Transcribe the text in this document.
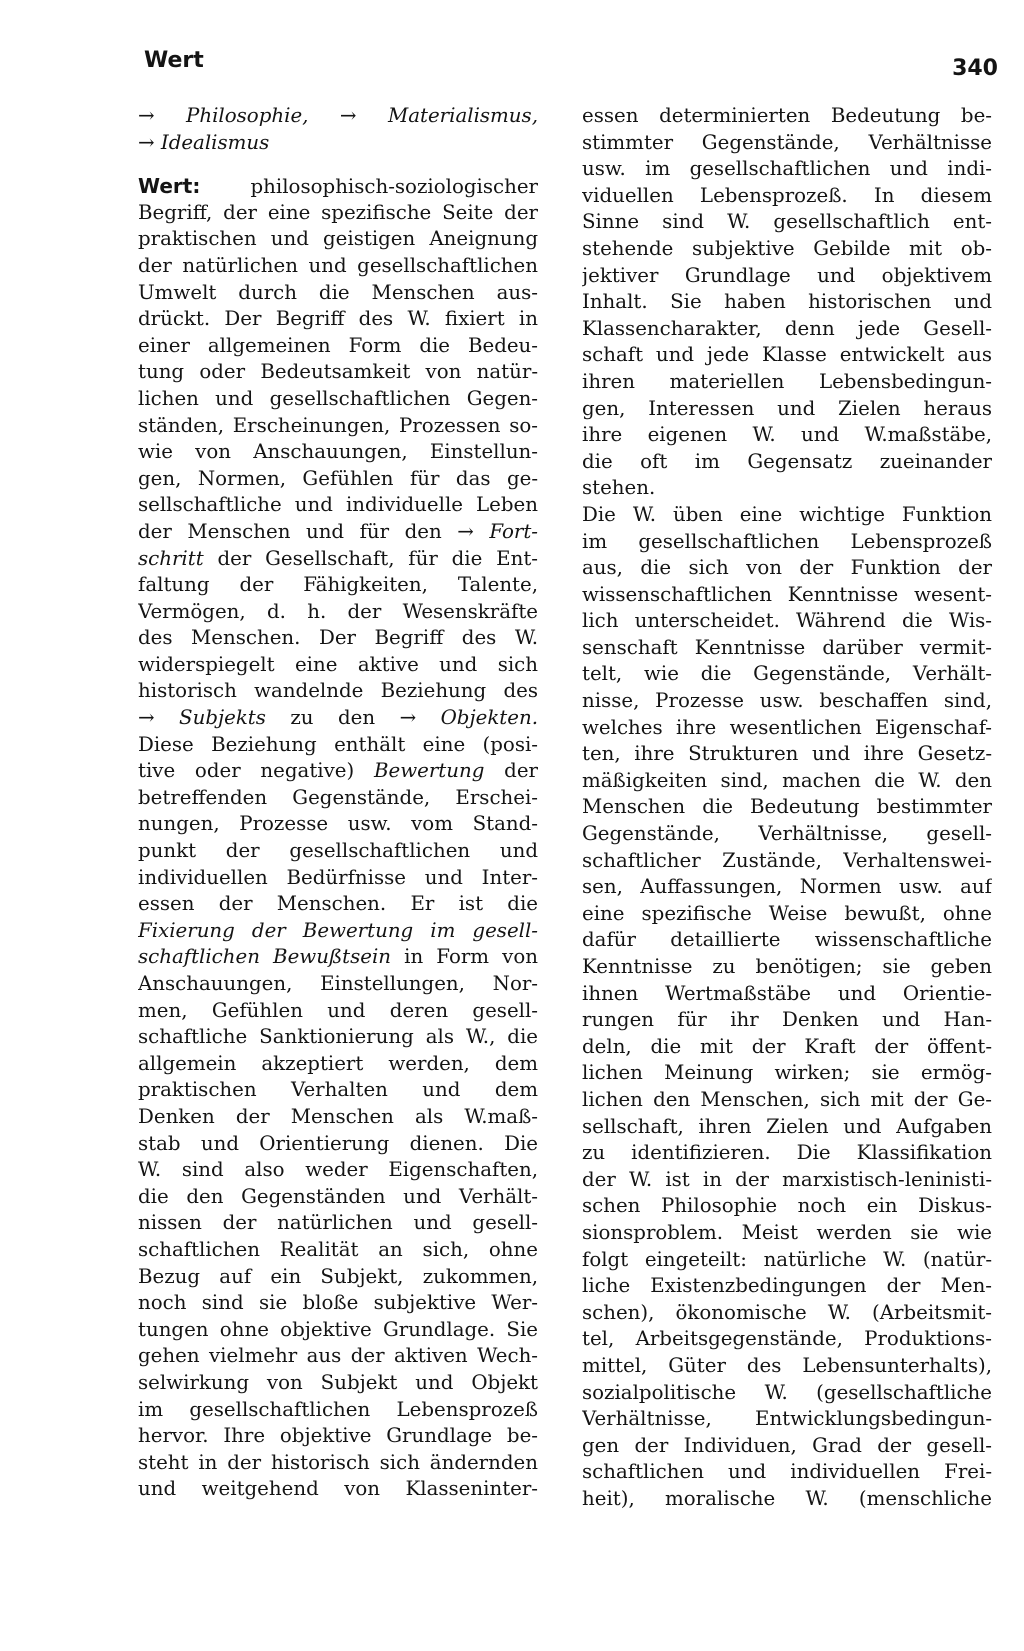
Wert	340
→ Philosophie, → Materialismus,
→ Idealismus
Wert:	philosophisch-soziologischer
Begriff, der eine spezifische Seite der
praktischen und geistigen Aneignung
der natürlichen und gesellschaftlichen
Umwelt durch die Menschen aus-
drückt. Der Begriff des W. fixiert in
einer allgemeinen Form die Bedeu-
tung oder Bedeutsamkeit von natür-
lichen und gesellschaftlichen Gegen-
ständen, Erscheinungen, Prozessen so-
wie von Anschauungen, Einstellun-
gen, Normen, Gefühlen für das ge-
sellschaftliche und individuelle Leben
der Menschen und für den → Fort-
schritt der Gesellschaft, für die Ent-
faltung der Fähigkeiten, Talente,
Vermögen, d. h. der Wesenskräfte
des Menschen. Der Begriff des W.
widerspiegelt eine aktive und sich
historisch wandelnde Beziehung des
→ Subjekts zu den → Objekten.
Diese Beziehung enthält eine (posi-
tive oder negative) Bewertung der
betreffenden Gegenstände, Erschei-
nungen, Prozesse usw. vom Stand-
punkt der gesellschaftlichen und
individuellen Bedürfnisse und Inter-
essen der Menschen. Er ist die
Fixierung der Bewertung im gesell-
schaftlichen Bewußtsein in Form von
Anschauungen, Einstellungen, Nor-
men, Gefühlen und deren gesell-
schaftliche Sanktionierung als W., die
allgemein akzeptiert werden, dem
praktischen Verhalten und dem
Denken der Menschen als W.maß-
stab und Orientierung dienen. Die
W. sind also weder Eigenschaften,
die den Gegenständen und Verhält-
nissen der natürlichen und gesell-
schaftlichen Realität an sich, ohne
Bezug auf ein Subjekt, zukommen,
noch sind sie bloße subjektive Wer-
tungen ohne objektive Grundlage. Sie
gehen vielmehr aus der aktiven Wech-
selwirkung von Subjekt und Objekt
im gesellschaftlichen Lebensprozeß
hervor. Ihre objektive Grundlage be-
steht in der historisch sich ändernden
und weitgehend von Klasseninter-
essen determinierten Bedeutung be-
stimmter Gegenstände, Verhältnisse
usw. im gesellschaftlichen und indi-
viduellen Lebensprozeß. In diesem
Sinne sind W. gesellschaftlich ent-
stehende subjektive Gebilde mit ob-
jektiver Grundlage und objektivem
Inhalt. Sie haben historischen und
Klassencharakter, denn jede Gesell-
schaft und jede Klasse entwickelt aus
ihren materiellen Lebensbedingun-
gen, Interessen und Zielen heraus
ihre eigenen W. und W.maßstäbe,
die oft im Gegensatz zueinander
stehen.
Die W. üben eine wichtige Funktion
im gesellschaftlichen Lebensprozeß
aus, die sich von der Funktion der
wissenschaftlichen Kenntnisse wesent-
lich unterscheidet. Während die Wis-
senschaft Kenntnisse darüber vermit-
telt, wie die Gegenstände, Verhält-
nisse, Prozesse usw. beschaffen sind,
welches ihre wesentlichen Eigenschaf-
ten, ihre Strukturen und ihre Gesetz-
mäßigkeiten sind, machen die W. den
Menschen die Bedeutung bestimmter
Gegenstände, Verhältnisse, gesell-
schaftlicher Zustände, Verhaltenswei-
sen, Auffassungen, Normen usw. auf
eine spezifische Weise bewußt, ohne
dafür detaillierte wissenschaftliche
Kenntnisse zu benötigen; sie geben
ihnen Wertmaßstäbe und Orientie-
rungen für ihr Denken und Han-
deln, die mit der Kraft der öffent-
lichen Meinung wirken; sie ermög-
lichen den Menschen, sich mit der Ge-
sellschaft, ihren Zielen und Aufgaben
zu identifizieren. Die Klassifikation
der W. ist in der marxistisch-leninisti-
schen Philosophie noch ein Diskus-
sionsproblem. Meist werden sie wie
folgt eingeteilt: natürliche W. (natür-
liche Existenzbedingungen der Men-
schen), ökonomische W. (Arbeitsmit-
tel, Arbeitsgegenstände, Produktions-
mittel, Güter des Lebensunterhalts),
sozialpolitische W. (gesellschaftliche
Verhältnisse, Entwicklungsbedingun-
gen der Individuen, Grad der gesell-
schaftlichen und individuellen Frei-
heit), moralische W. (menschliche
